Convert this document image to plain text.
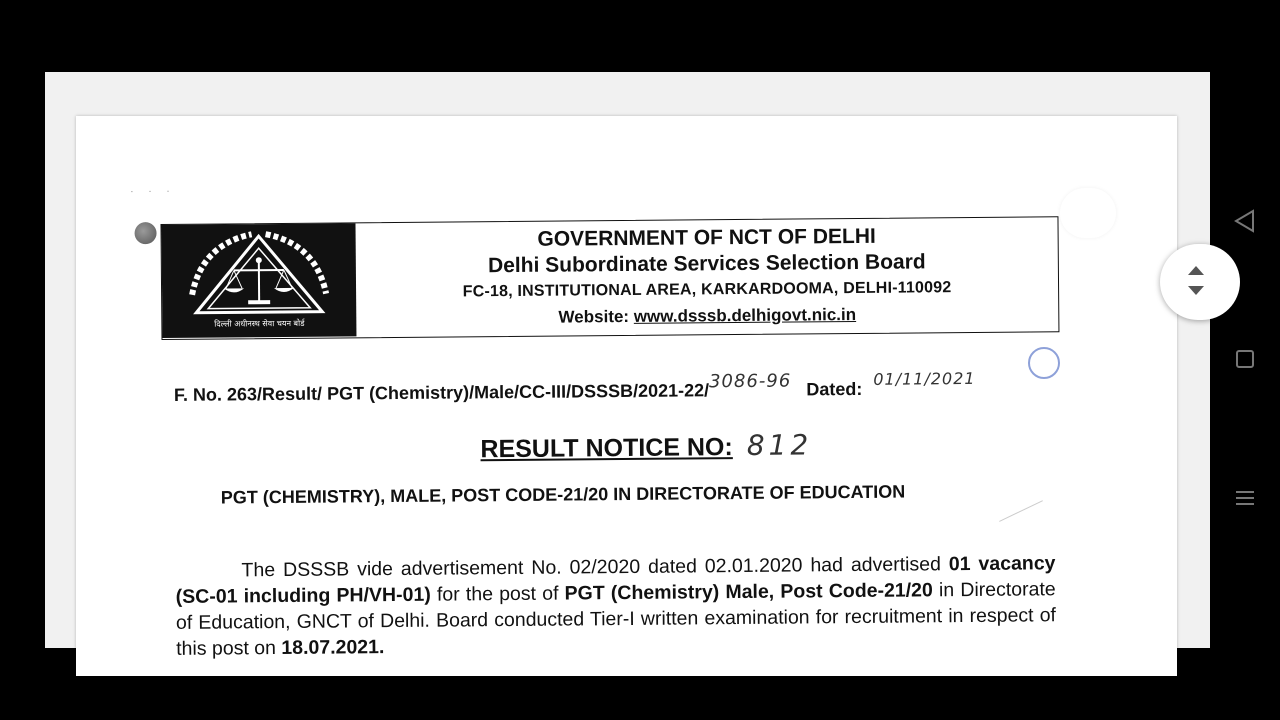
· · ·
दिल्ली अधीनस्थ सेवा चयन बोर्ड
GOVERNMENT OF NCT OF DELHI
Delhi Subordinate Services Selection Board
FC-18, INSTITUTIONAL AREA, KARKARDOOMA, DELHI-110092
Website: www.dsssb.delhigovt.nic.in
F. No. 263/Result/ PGT (Chemistry)/Male/CC-III/DSSSB/2021-22/3086-96 Dated: 01/11/2021
RESULT NOTICE NO: 812
PGT (CHEMISTRY), MALE, POST CODE-21/20 IN DIRECTORATE OF EDUCATION
The DSSSB vide advertisement No. 02/2020 dated 02.01.2020 had advertised 01 vacancy (SC-01 including PH/VH-01) for the post of PGT (Chemistry) Male, Post Code-21/20 in Directorate of Education, GNCT of Delhi. Board conducted Tier-I written examination for recruitment in respect of this post on 18.07.2021.
